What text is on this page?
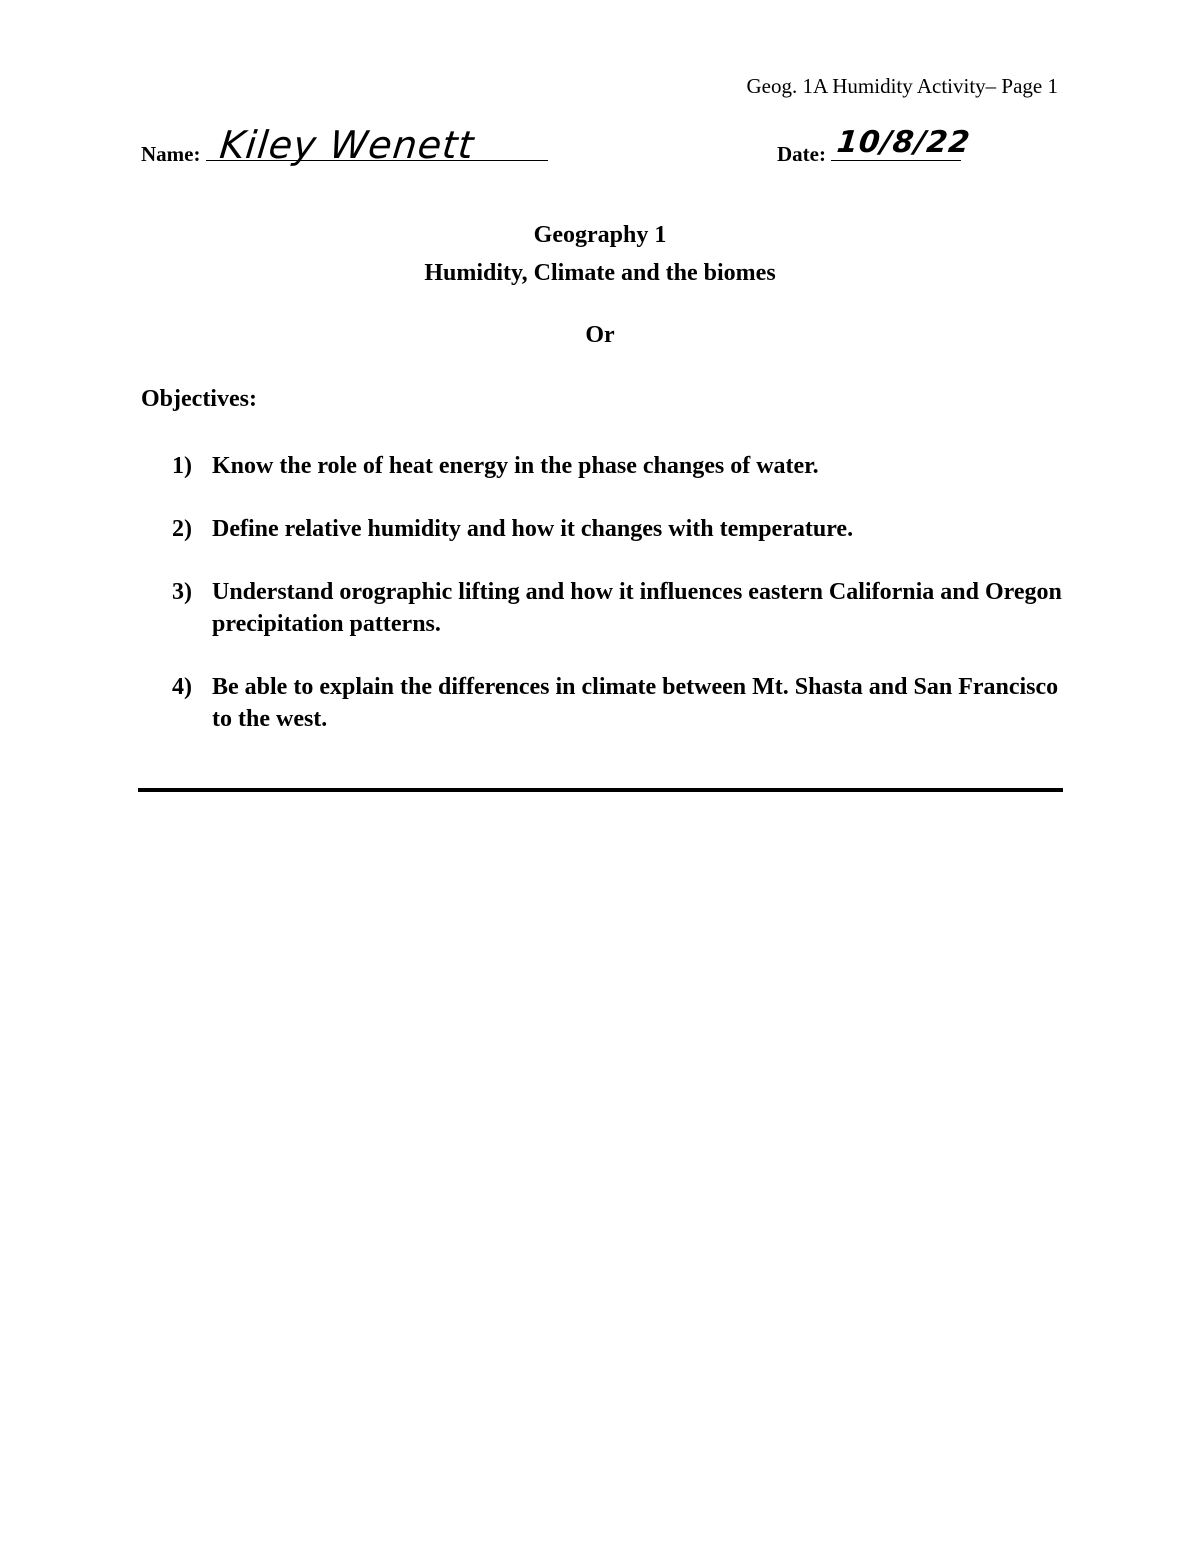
Geog. 1A Humidity Activity– Page 1
Name: Kiley Wenett	Date: 10/8/22
Geography 1
Humidity, Climate and the biomes
Or
Objectives:
1) Know the role of heat energy in the phase changes of water.
2) Define relative humidity and how it changes with temperature.
3) Understand orographic lifting and how it influences eastern California and Oregon precipitation patterns.
4) Be able to explain the differences in climate between Mt. Shasta and San Francisco to the west.
